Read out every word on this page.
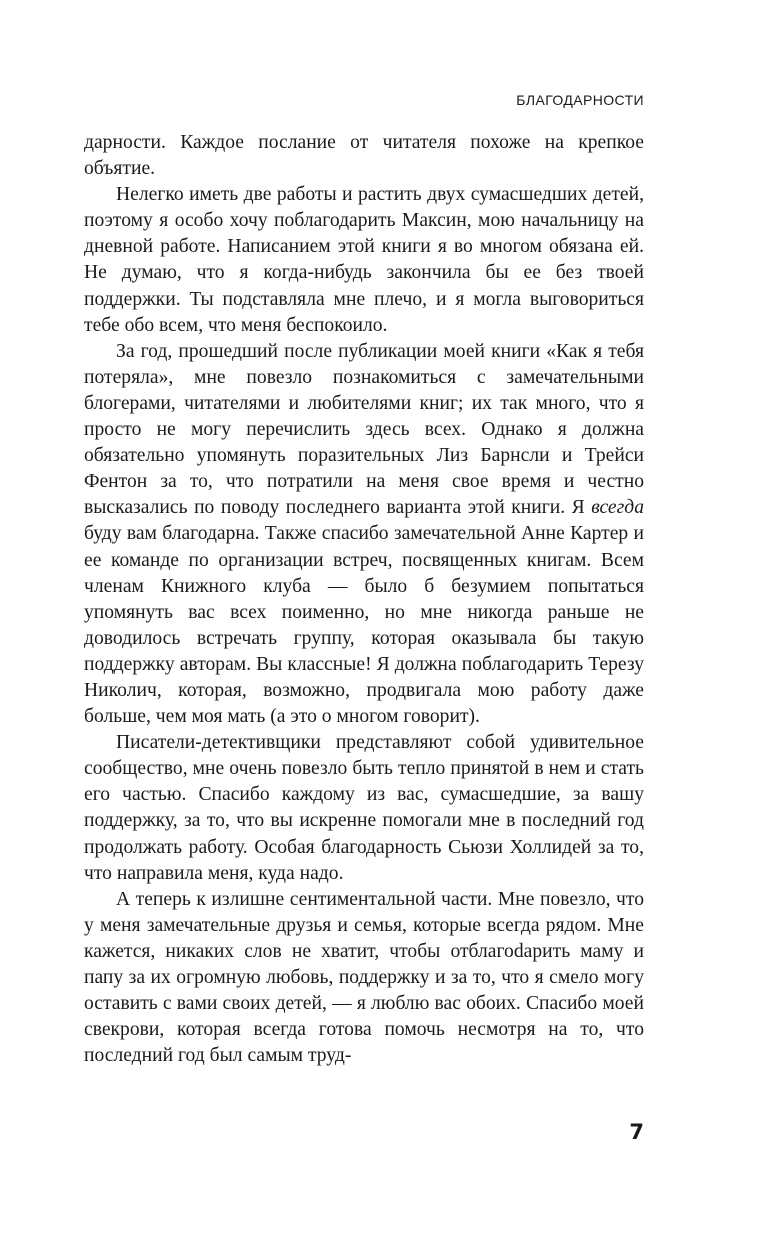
БЛАГОДАРНОСТИ

дарности. Каждое послание от читателя похоже на крепкое объятие.

Нелегко иметь две работы и растить двух сумасшедших детей, поэтому я особо хочу поблагодарить Максин, мою начальницу на дневной работе. Написанием этой книги я во многом обязана ей. Не думаю, что я когда-нибудь закончила бы ее без твоей поддержки. Ты подставляла мне плечо, и я могла выговориться тебе обо всем, что меня беспокоило.

За год, прошедший после публикации моей книги «Как я тебя потеряла», мне повезло познакомиться с замечательными блогерами, читателями и любителями книг; их так много, что я просто не могу перечислить здесь всех. Однако я должна обязательно упомянуть поразительных Лиз Барнсли и Трейси Фентон за то, что потратили на меня свое время и честно высказались по поводу последнего варианта этой книги. Я всегда буду вам благодарна. Также спасибо замечательной Анне Картер и ее команде по организации встреч, посвященных книгам. Всем членам Книжного клуба — было б безумием попытаться упомянуть вас всех поименно, но мне никогда раньше не доводилось встречать группу, которая оказывала бы такую поддержку авторам. Вы классные! Я должна поблагодарить Терезу Николич, которая, возможно, продвигала мою работу даже больше, чем моя мать (а это о многом говорит).

Писатели-детективщики представляют собой удивительное сообщество, мне очень повезло быть тепло принятой в нем и стать его частью. Спасибо каждому из вас, сумасшедшие, за вашу поддержку, за то, что вы искренне помогали мне в последний год продолжать работу. Особая благодарность Сьюзи Холлидей за то, что направила меня, куда надо.

А теперь к излишне сентиментальной части. Мне повезло, что у меня замечательные друзья и семья, которые всегда рядом. Мне кажется, никаких слов не хватит, чтобы отблагоdарить маму и папу за их огромную любовь, поддержку и за то, что я смело могу оставить с вами своих детей, — я люблю вас обоих. Спасибо моей свекрови, которая всегда готова помочь несмотря на то, что последний год был самым труд-

7
